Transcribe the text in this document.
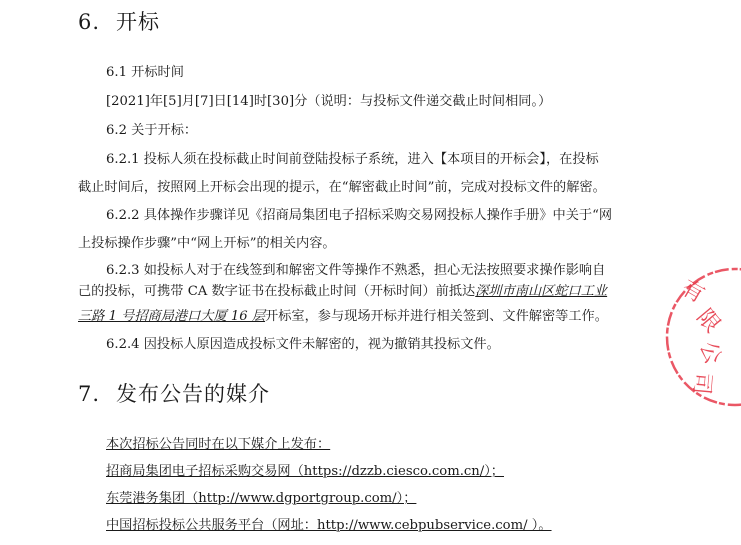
6. 开标
6.1 开标时间
[2021]年[5]月[7]日[14]时[30]分（说明：与投标文件递交截止时间相同。）
6.2 关于开标：
6.2.1 投标人须在投标截止时间前登陆投标子系统，进入【本项目的开标会】，在投标
截止时间后，按照网上开标会出现的提示，在“解密截止时间”前，完成对投标文件的解密。
6.2.2 具体操作步骤详见《招商局集团电子招标采购交易网投标人操作手册》中关于“网
上投标操作步骤”中“网上开标”的相关内容。
6.2.3 如投标人对于在线签到和解密文件等操作不熟悉，担心无法按照要求操作影响自
己的投标，可携带 CA 数字证书在投标截止时间（开标时间）前抵达深圳市南山区蛇口工业
三路 1 号招商局港口大厦 16 层开标室，参与现场开标并进行相关签到、文件解密等工作。
6.2.4 因投标人原因造成投标文件未解密的，视为撤销其投标文件。
7. 发布公告的媒介
本次招标公告同时在以下媒介上发布：
招商局集团电子招标采购交易网（https://dzzb.ciesco.com.cn/）；
东莞港务集团（http://www.dgportgroup.com/）；
中国招标投标公共服务平台（网址：http://www.cebpubservice.com/ ）。
有
限
公
司
